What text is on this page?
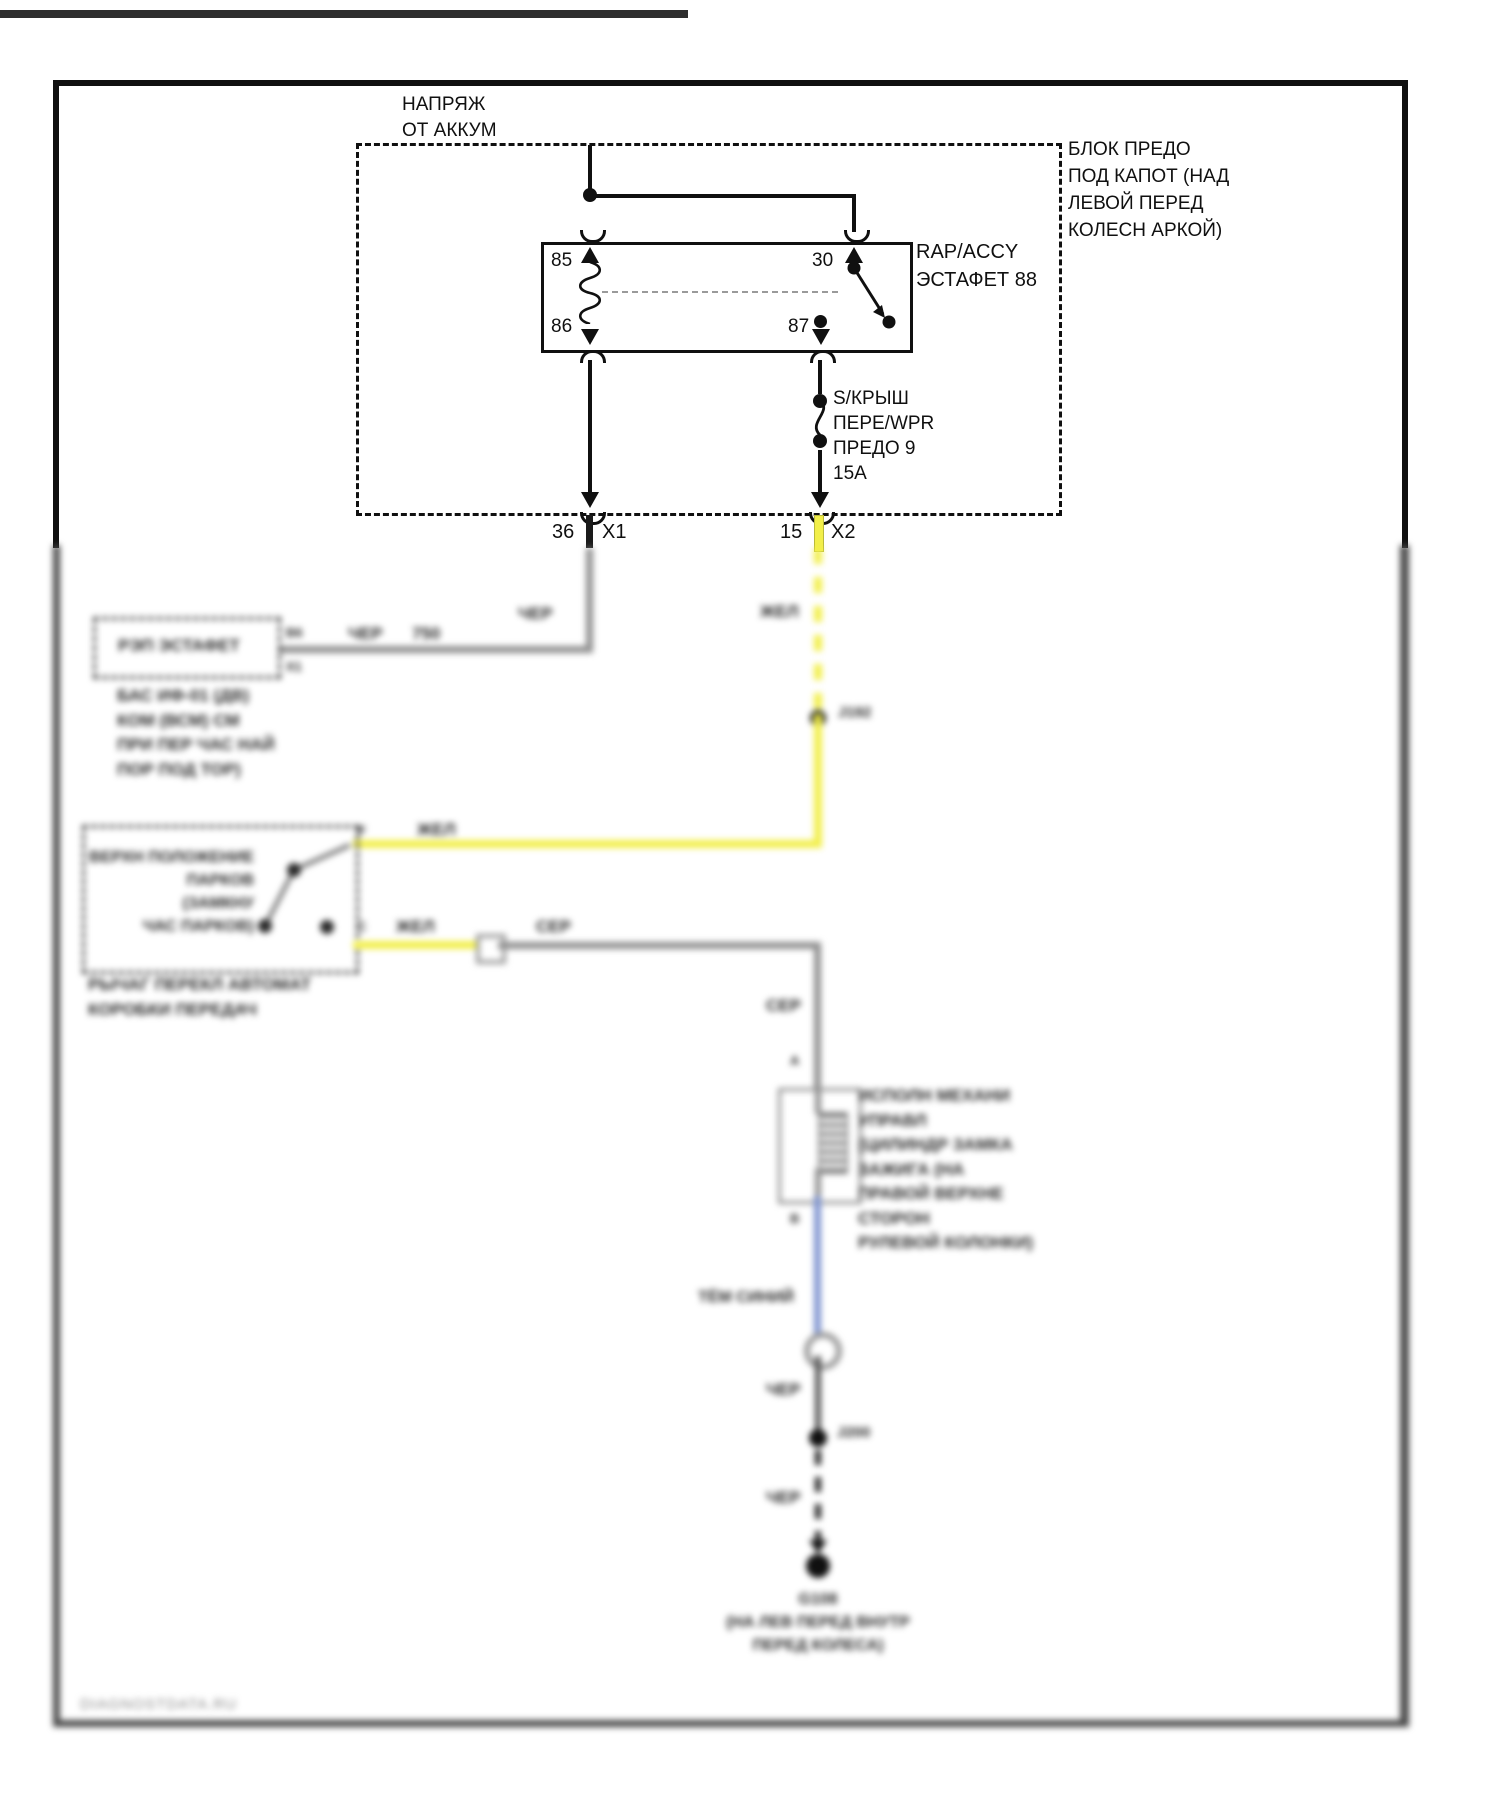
НАПРЯЖ
ОТ АККУМ
БЛОК ПРЕДО
ПОД КАПОТ (НАД
ЛЕВОЙ ПЕРЕД
КОЛЕСН АРКОЙ)
RAP/ACCY
ЭСТАФЕТ 88
85	30
86	87
S/КРЫШ
ПЕРЕ/WPR
ПРЕДО 9
15A
36 X1	15 X2
ЧЕР
ЧЕР 750
РЭП ЭСТАФЕТ
B6
X1
БАС ИФ-01 (ДВ)
КОМ (ВСМ) СМ
ПРИ ПЕР ЧАС НАЙ
ПОР ПОД ТОР)
ЖЕЛ
J192
ЖЕЛ
F
ВЕРХН ПОЛОЖЕНИЕ
ПАРКОВ
(ЗАМКНУ
ЧАС ПАРКОВ)
РЫЧАГ ПЕРЕКЛ АВТОМАТ
КОРОБКИ ПЕРЕДАЧ
C ЖЕЛ	СЕР
СЕР
A
B
ИСПОЛН МЕХАНИ
УПРАВЛ
(ЦИЛИНДР ЗАМКА
ЗАЖИГА (НА
ПРАВОЙ ВЕРХНЕ
СТОРОН
РУЛЕВОЙ КОЛОНКИ)
ТЁМ СИНИЙ
ЧЕР
J200
ЧЕР
G108
(НА ЛЕВ ПЕРЕД ВНУТР
ПЕРЕД КОЛЕСА)
DIAGNOSTDATA.RU
